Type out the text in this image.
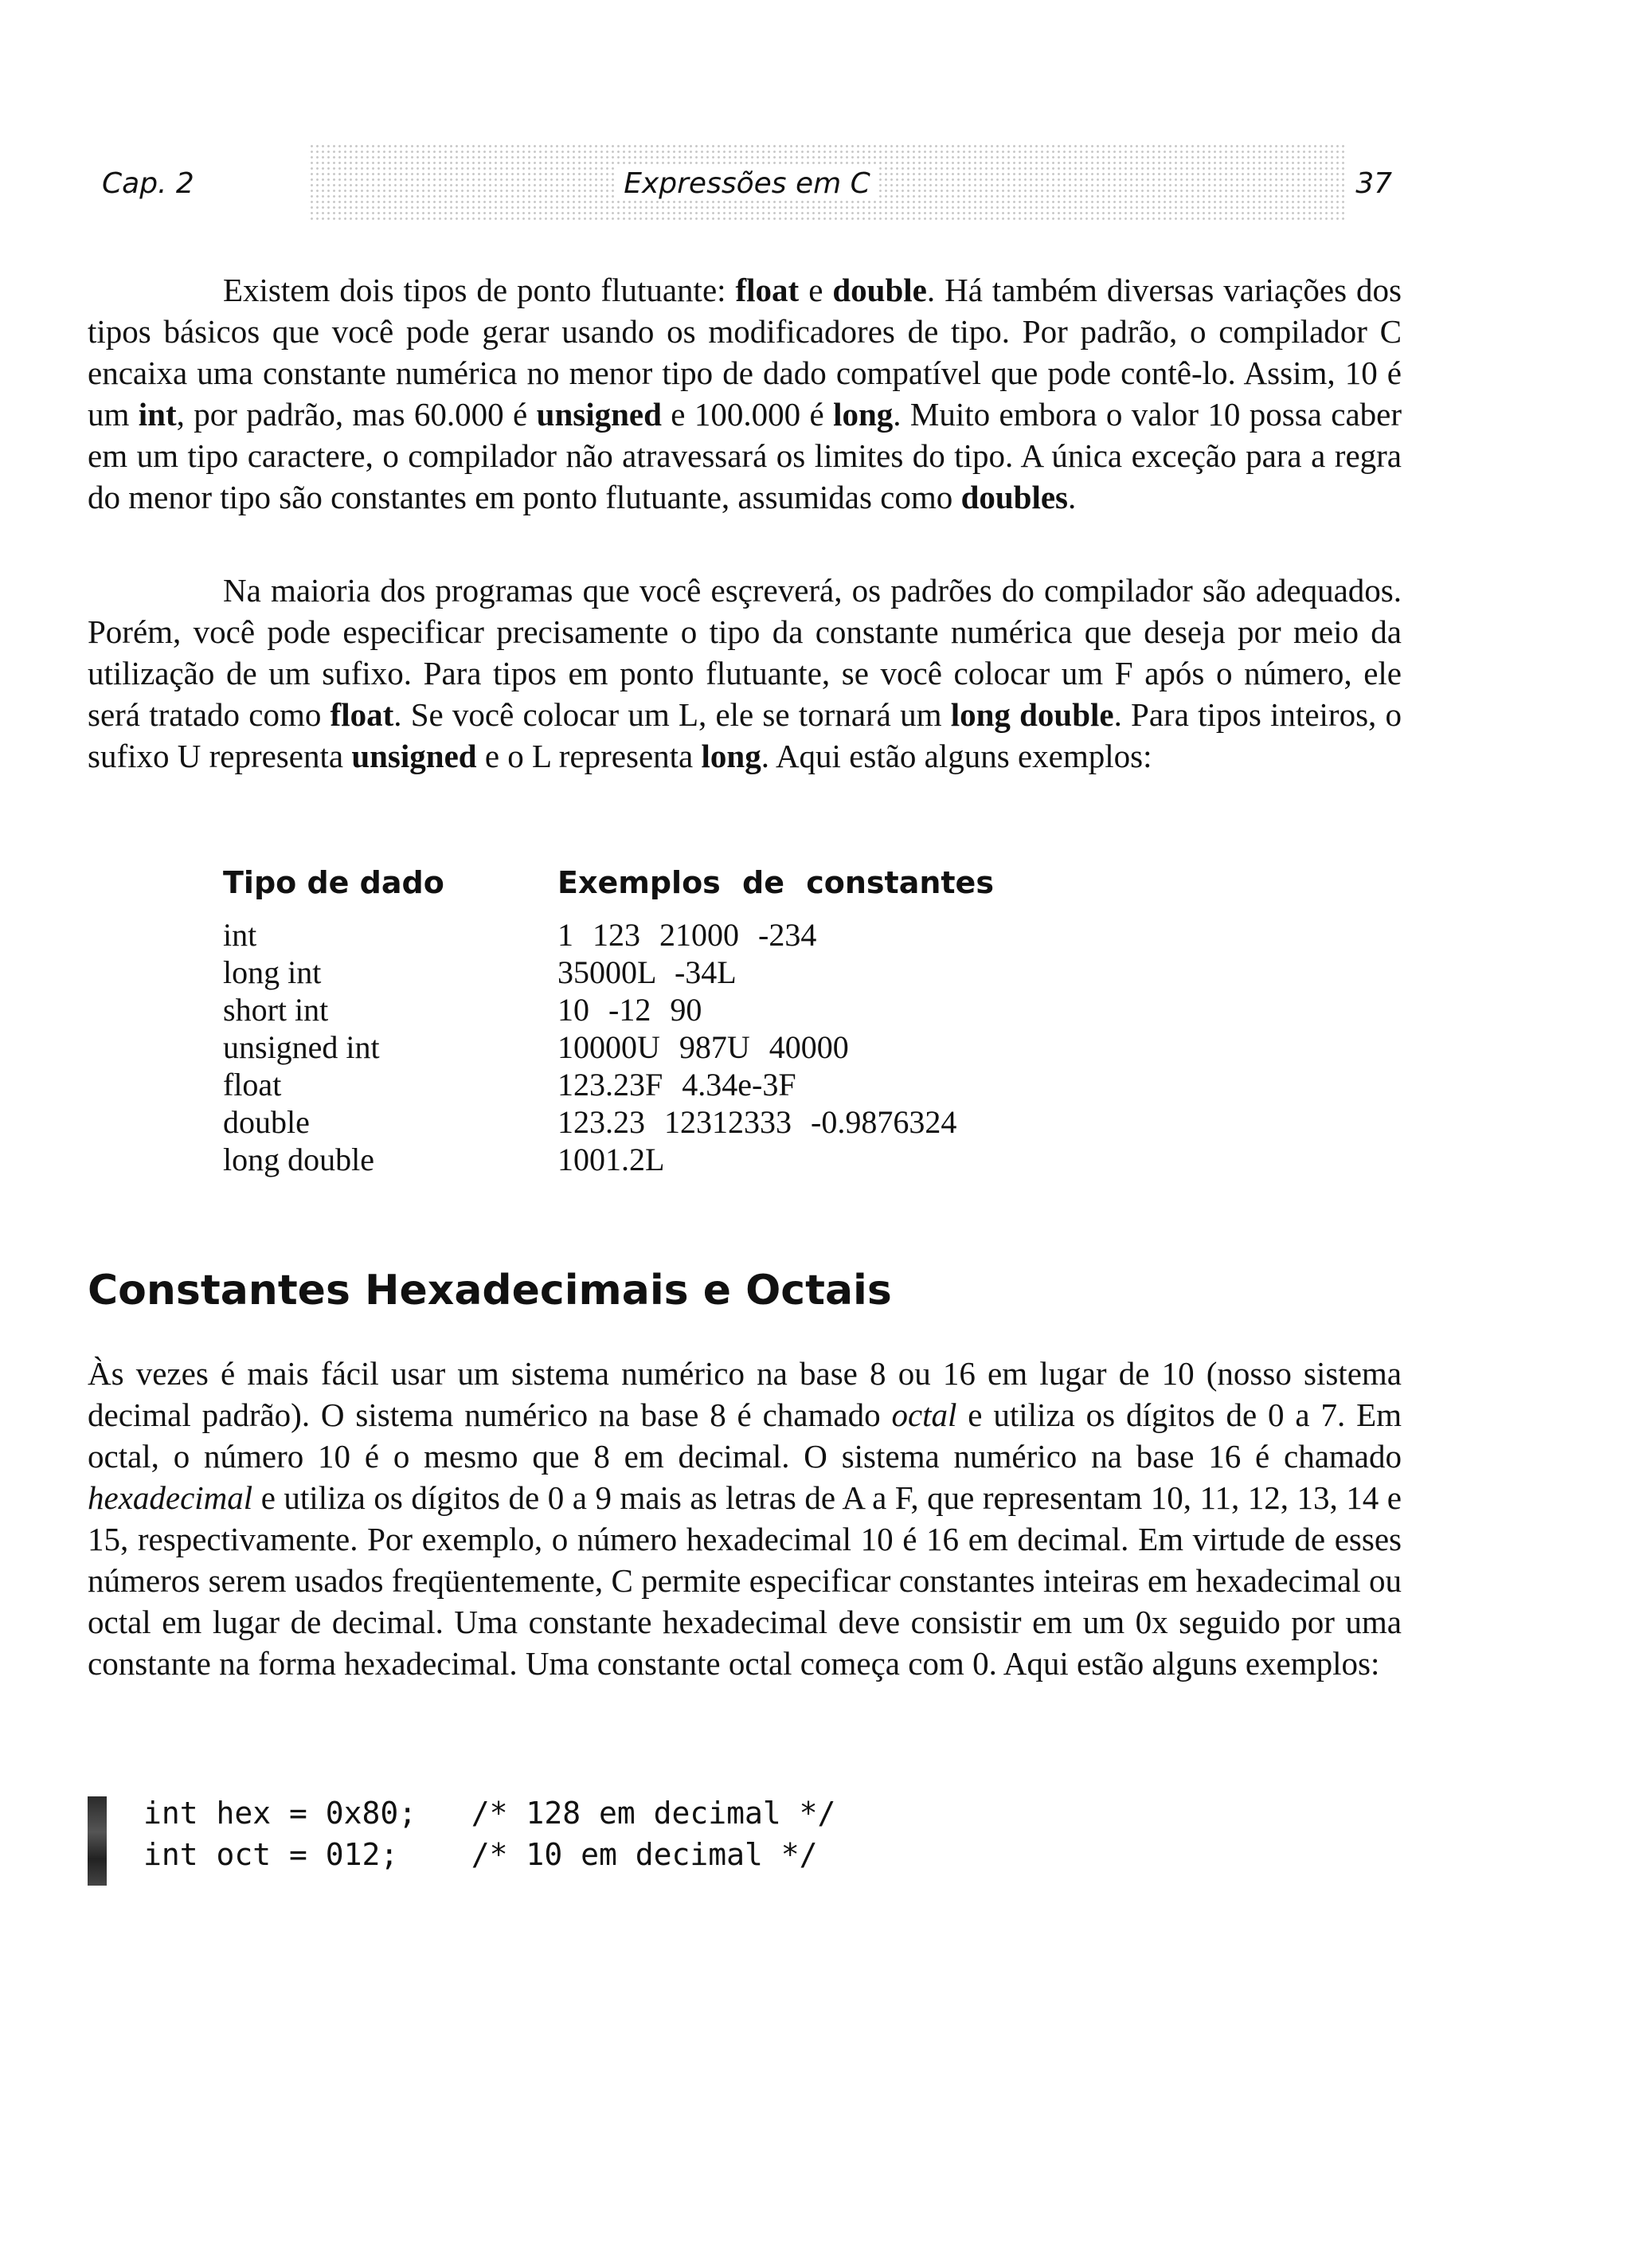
Cap. 2	Expressões em C	37

Existem dois tipos de ponto flutuante: float e double. Há também diversas variações dos tipos básicos que você pode gerar usando os modificadores de tipo. Por padrão, o compilador C encaixa uma constante numérica no menor tipo de dado compatível que pode contê-lo. Assim, 10 é um int, por padrão, mas 60.000 é unsigned e 100.000 é long. Muito embora o valor 10 possa caber em um tipo caractere, o compilador não atravessará os limites do tipo. A única exceção para a regra do menor tipo são constantes em ponto flutuante, assumidas como doubles.

Na maioria dos programas que você esçreverá, os padrões do compilador são adequados. Porém, você pode especificar precisamente o tipo da constante numérica que deseja por meio da utilização de um sufixo. Para tipos em ponto flutuante, se você colocar um F após o número, ele será tratado como float. Se você colocar um L, ele se tornará um long double. Para tipos inteiros, o sufixo U representa unsigned e o L representa long. Aqui estão alguns exemplos:

Tipo de dado	Exemplos de constantes
int	1 123 21000 -234
long int	35000L -34L
short int	10 -12 90
unsigned int	10000U 987U 40000
float	123.23F 4.34e-3F
double	123.23 12312333 -0.9876324
long double	1001.2L
Constantes Hexadecimais e Octais

Às vezes é mais fácil usar um sistema numérico na base 8 ou 16 em lugar de 10 (nosso sistema decimal padrão). O sistema numérico na base 8 é chamado octal e utiliza os dígitos de 0 a 7. Em octal, o número 10 é o mesmo que 8 em decimal. O sistema numérico na base 16 é chamado hexadecimal e utiliza os dígitos de 0 a 9 mais as letras de A a F, que representam 10, 11, 12, 13, 14 e 15, respectivamente. Por exemplo, o número hexadecimal 10 é 16 em decimal. Em virtude de esses números serem usados freqüentemente, C permite especificar constantes inteiras em hexadecimal ou octal em lugar de decimal. Uma constante hexadecimal deve consistir em um 0x seguido por uma constante na forma hexadecimal. Uma constante octal começa com 0. Aqui estão alguns exemplos:

int hex = 0x80;   /* 128 em decimal */
int oct = 012;    /* 10 em decimal */
